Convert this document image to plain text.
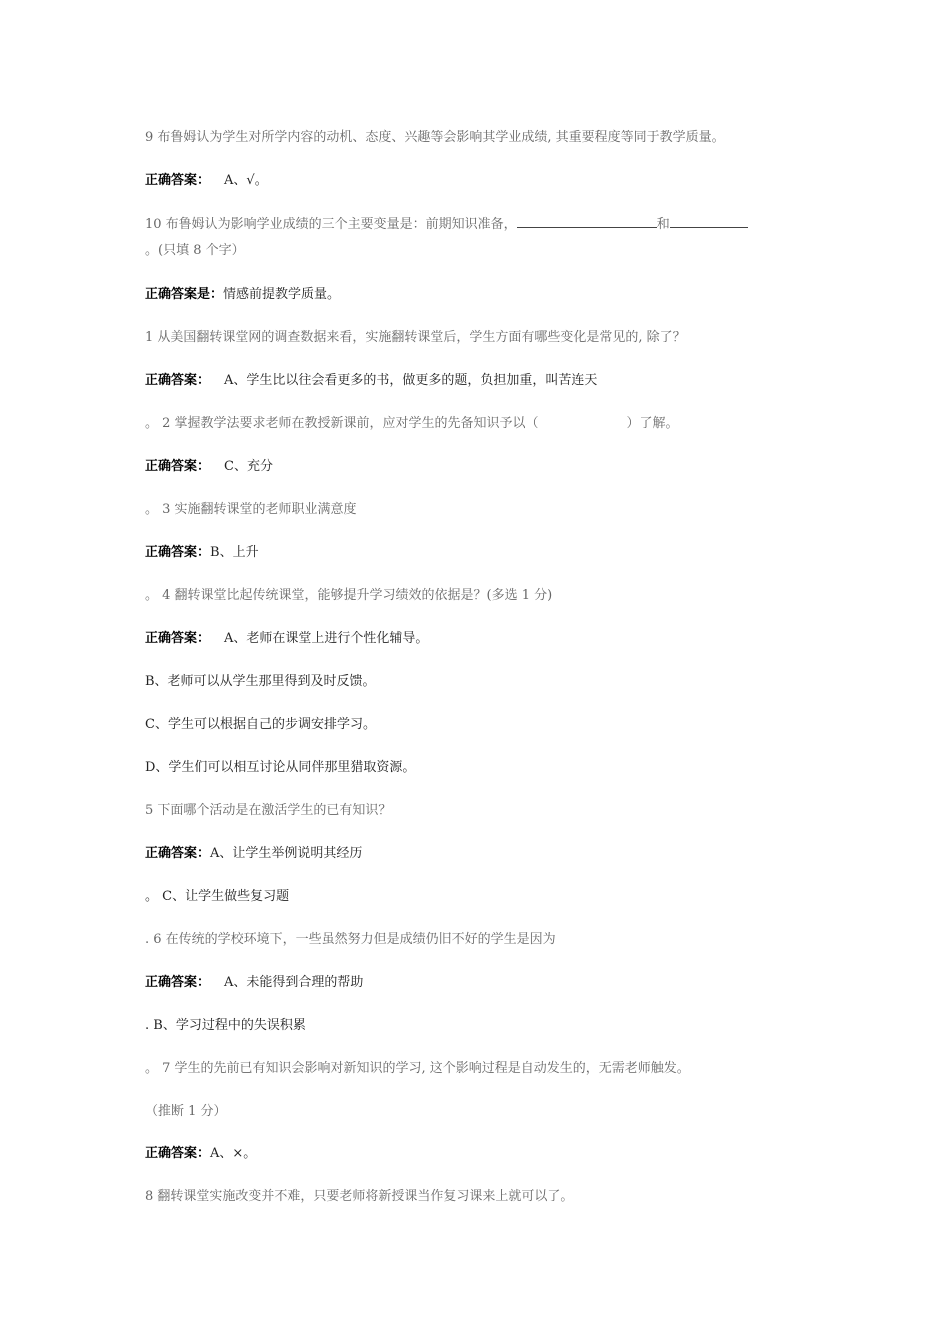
9 布鲁姆认为学生对所学内容的动机、态度、兴趣等会影响其学业成绩, 其重要程度等同于教学质量。
正确答案： A、√。
10 布鲁姆认为影响学业成绩的三个主要变量是：前期知识准备，	和
。(只填 8 个字）
正确答案是：情感前提教学质量。
1 从美国翻转课堂网的调查数据来看，实施翻转课堂后，学生方面有哪些变化是常见的, 除了？
正确答案： A、学生比以往会看更多的书，做更多的题，负担加重，叫苦连天
。 2 掌握教学法要求老师在教授新课前，应对学生的先备知识予以（	）了解。
正确答案： C、充分
。 3 实施翻转课堂的老师职业满意度
正确答案：B、上升
。 4 翻转课堂比起传统课堂，能够提升学习绩效的依据是？(多选 1 分)
正确答案： A、老师在课堂上进行个性化辅导。
B、老师可以从学生那里得到及时反馈。
C、学生可以根据自己的步调安排学习。
D、学生们可以相互讨论从同伴那里猎取资源。
5 下面哪个活动是在激活学生的已有知识？
正确答案：A、让学生举例说明其经历
。 C、让学生做些复习题
. 6 在传统的学校环境下，一些虽然努力但是成绩仍旧不好的学生是因为
正确答案： A、未能得到合理的帮助
. B、学习过程中的失误积累
。 7 学生的先前已有知识会影响对新知识的学习, 这个影响过程是自动发生的，无需老师触发。
（推断 1 分）
正确答案：A、×。
8 翻转课堂实施改变并不难，只要老师将新授课当作复习课来上就可以了。
